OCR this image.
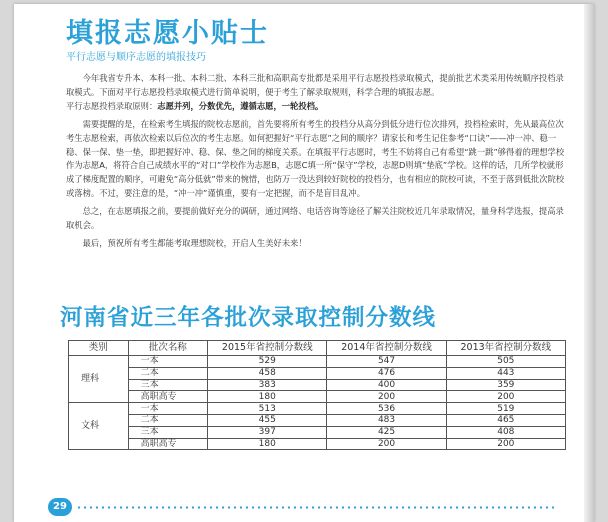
填报志愿小贴士
平行志愿与顺序志愿的填报技巧

今年我省专升本、本科一批、本科二批、本科三批和高职高专批都是采用平行志愿投档录取模式，提前批艺术类采用传统顺序投档录取模式。下面对平行志愿投档录取模式进行简单说明，便于考生了解录取规则，科学合理的填报志愿。

平行志愿投档录取原则：志愿并列，分数优先，遵循志愿，一轮投档。

需要提醒的是，在检索考生填报的院校志愿前，首先要将所有考生的投档分从高分到低分进行位次排列，投档检索时，先从最高位次考生志愿检索，再依次检索以后位次的考生志愿。如何把握好“平行志愿”之间的顺序？请家长和考生记住参考“口诀”——冲一冲、稳一稳、保一保、垫一垫，即把握好冲、稳、保、垫之间的梯度关系。在填报平行志愿时，考生不妨将自己有希望“跳一跳”够得着的理想学校作为志愿A，将符合自己成绩水平的“对口”学校作为志愿B，志愿C填一所“保守”学校，志愿D则填“垫底”学校。这样的话，几所学校就形成了梯度配置的顺序，可避免“高分低就”带来的惋惜，也防万一没达到较好院校的投档分，也有相应的院校可读，不至于落到低批次院校或落榜。不过，要注意的是，“冲一冲”谨慎重，要有一定把握，而不是盲目乱冲。

总之，在志愿填报之前，要提前做好充分的调研，通过网络、电话咨询等途径了解关注院校近几年录取情况，量身科学选报，提高录取机会。

最后，预祝所有考生都能考取理想院校，开启人生美好未来！

河南省近三年各批次录取控制分数线
类别	批次名称	2015年省控制分数线	2014年省控制分数线	2013年省控制分数线
理科	一本	529	547	505
	二本	458	476	443
	三本	383	400	359
	高职高专	180	200	200
文科	一本	513	536	519
	二本	455	483	465
	三本	397	425	408
	高职高专	180	200	200
29
